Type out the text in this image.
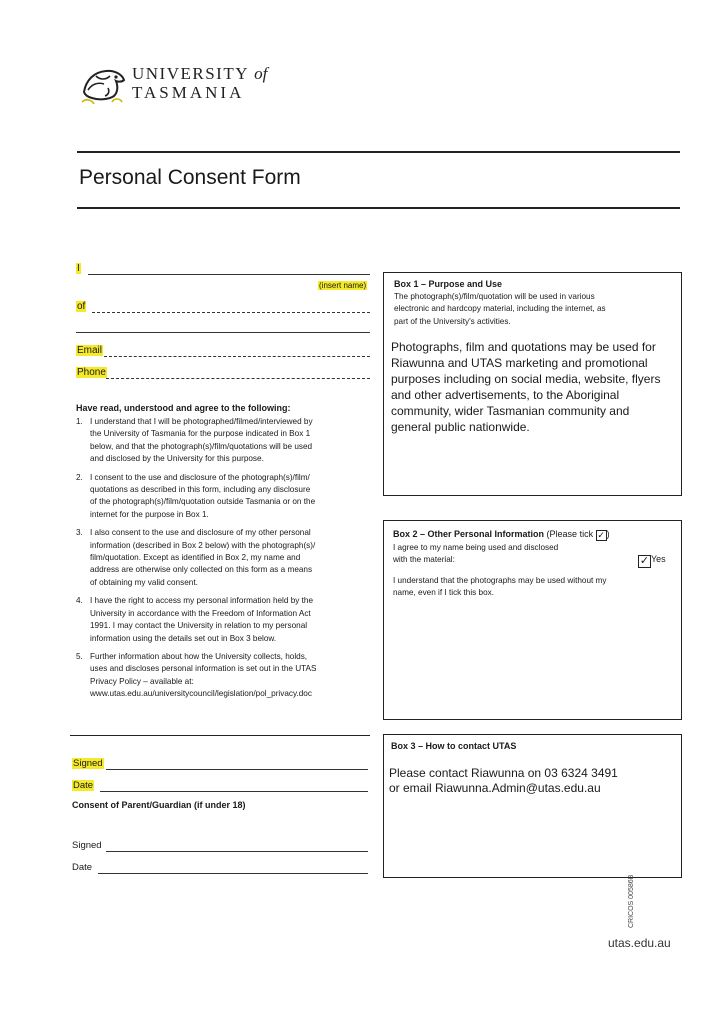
UNIVERSITY of
TASMANIA
Personal Consent Form
I
(insert name)
of
Email
Phone
Have read, understood and agree to the following:
1. I understand that I will be photographed/filmed/interviewed by
the University of Tasmania for the purpose indicated in Box 1
below, and that the photograph(s)/film/quotations will be used
and disclosed by the University for this purpose.
2. I consent to the use and disclosure of the photograph(s)/film/
quotations as described in this form, including any disclosure
of the photograph(s)/film/quotation outside Tasmania or on the
internet for the purpose in Box 1.
3. I also consent to the use and disclosure of my other personal
information (described in Box 2 below) with the photograph(s)/
film/quotation. Except as identified in Box 2, my name and
address are otherwise only collected on this form as a means
of obtaining my valid consent.
4. I have the right to access my personal information held by the
University in accordance with the Freedom of Information Act
1991. I may contact the University in relation to my personal
information using the details set out in Box 3 below.
5. Further information about how the University collects, holds,
uses and discloses personal information is set out in the UTAS
Privacy Policy – available at:
www.utas.edu.au/universitycouncil/legislation/pol_privacy.doc
Box 1 – Purpose and Use
The photograph(s)/film/quotation will be used in various
electronic and hardcopy material, including the internet, as
part of the University's activities.
Photographs, film and quotations may be used for
Riawunna and UTAS marketing and promotional
purposes including on social media, website, flyers
and other advertisements, to the Aboriginal
community, wider Tasmanian community and
general public nationwide.
Box 2 – Other Personal Information (Please tick ✓ )
I agree to my name being used and disclosed
with the material:	✓ Yes
I understand that the photographs may be used without my
name, even if I tick this box.
Box 3 – How to contact UTAS
Please contact Riawunna on 03 6324 3491
or email Riawunna.Admin@utas.edu.au
Signed
Date
Consent of Parent/Guardian (if under 18)
Signed
Date
CRICOS 00586B
utas.edu.au
